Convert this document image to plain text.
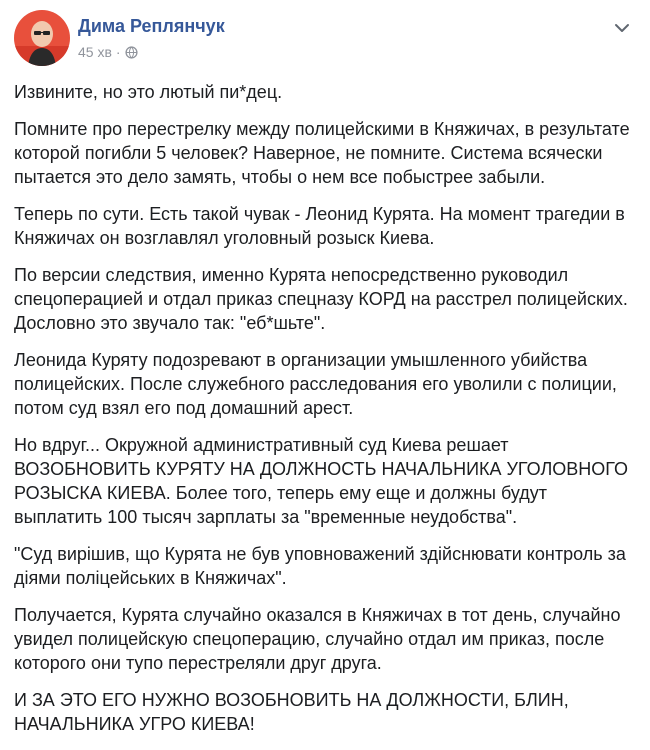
Дима Реплянчук
45 хв ·

Извините, но это лютый пи*дец.

Помните про перестрелку между полицейскими в Княжичах, в результате которой погибли 5 человек? Наверное, не помните. Система всячески пытается это дело замять, чтобы о нем все побыстрее забыли.

Теперь по сути. Есть такой чувак - Леонид Курята. На момент трагедии в Княжичах он возглавлял уголовный розыск Киева.

По версии следствия, именно Курята непосредственно руководил спецоперацией и отдал приказ спецназу КОРД на расстрел полицейских. Дословно это звучало так: "еб*шьте".

Леонида Куряту подозревают в организации умышленного убийства полицейских. После служебного расследования его уволили с полиции, потом суд взял его под домашний арест.

Но вдруг... Окружной административный суд Киева решает ВОЗОБНОВИТЬ КУРЯТУ НА ДОЛЖНОСТЬ НАЧАЛЬНИКА УГОЛОВНОГО РОЗЫСКА КИЕВА. Более того, теперь ему еще и должны будут выплатить 100 тысяч зарплаты за "временные неудобства".

"Суд вирішив, що Курята не був уповноважений здійснювати контроль за діями поліцейських в Княжичах".

Получается, Курята случайно оказался в Княжичах в тот день, случайно увидел полицейскую спецоперацию, случайно отдал им приказ, после которого они тупо перестреляли друг друга.

И ЗА ЭТО ЕГО НУЖНО ВОЗОБНОВИТЬ НА ДОЛЖНОСТИ, БЛИН, НАЧАЛЬНИКА УГРО КИЕВА!
